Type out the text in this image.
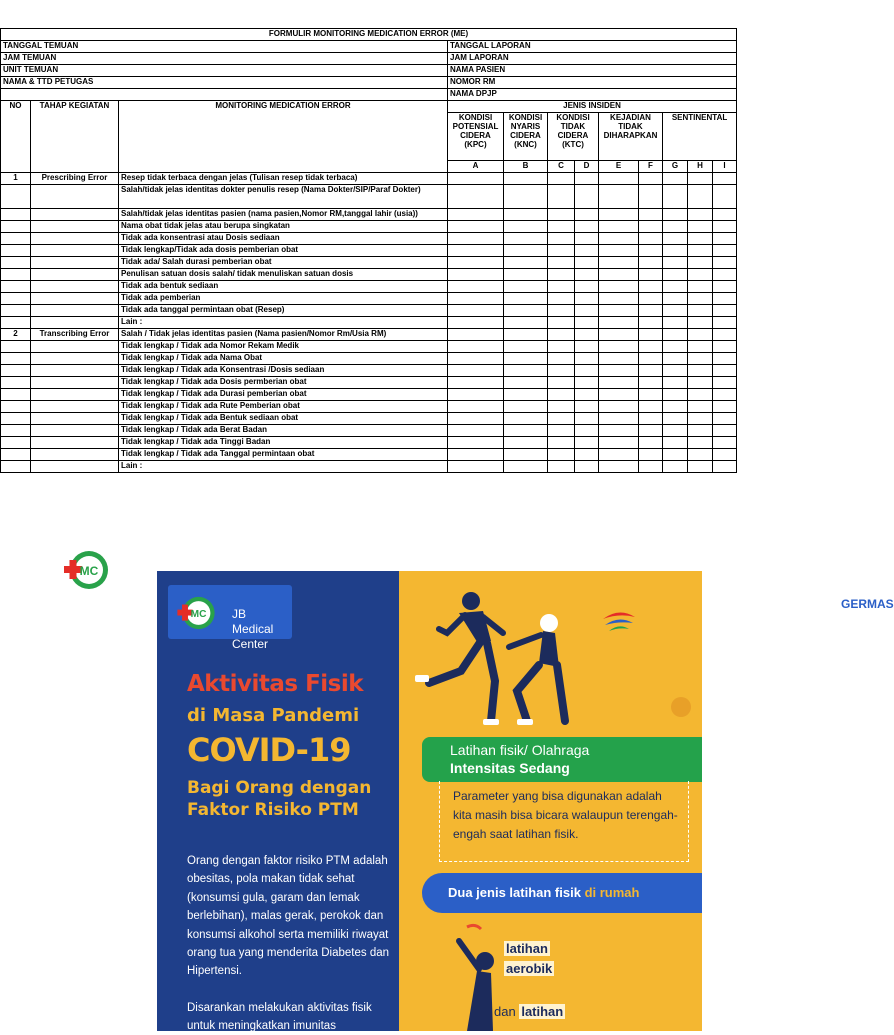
FORMULIR MONITORING MEDICATION ERROR (ME)											
TANGGAL TEMUAN			TANGGAL LAPORAN								
JAM TEMUAN			JAM LAPORAN								
UNIT TEMUAN			NAMA PASIEN								
NAMA & TTD PETUGAS			NOMOR RM								
			NAMA DPJP								
NO	TAHAP KEGIATAN	MONITORING MEDICATION ERROR	JENIS INSIDEN								
			KONDISI POTENSIAL CIDERA (KPC)	KONDISI NYARIS CIDERA (KNC)	KONDISI TIDAK CIDERA (KTC)		KEJADIAN TIDAK DIHARAPKAN		SENTINENTAL		
			A	B	C	D	E	F	G	H	I
1	Prescribing Error	Resep tidak terbaca dengan jelas (Tulisan resep tidak terbaca)									
		Salah/tidak jelas identitas dokter penulis resep (Nama Dokter/SIP/Paraf Dokter)									
		Salah/tidak jelas identitas pasien (nama pasien,Nomor RM,tanggal lahir (usia))									
		Nama obat tidak jelas atau berupa singkatan									
		Tidak ada konsentrasi atau Dosis sediaan									
		Tidak lengkap/Tidak ada dosis pemberian obat									
		Tidak ada/ Salah durasi pemberian obat									
		Penulisan satuan dosis salah/ tidak menuliskan satuan dosis									
		Tidak ada bentuk sediaan									
		Tidak ada pemberian									
		Tidak ada tanggal permintaan obat (Resep)									
		Lain :									
2	Transcribing Error	Salah / Tidak jelas identitas pasien (Nama pasien/Nomor Rm/Usia RM)									
		Tidak lengkap / Tidak ada Nomor Rekam Medik									
		Tidak lengkap / Tidak ada Nama Obat									
		Tidak lengkap / Tidak ada Konsentrasi /Dosis sediaan									
		Tidak lengkap / Tidak ada Dosis permberian obat									
		Tidak lengkap / Tidak ada Durasi pemberian obat									
		Tidak lengkap / Tidak ada Rute Pemberian obat									
		Tidak lengkap / Tidak ada Bentuk sediaan obat									
		Tidak lengkap / Tidak ada Berat Badan									
		Tidak lengkap / Tidak ada Tinggi Badan									
		Tidak lengkap / Tidak ada Tanggal permintaan obat									
		Lain :									
MC
MC JB Medical Center
Aktivitas Fisik
di Masa Pandemi
COVID-19
Bagi Orang dengan Faktor Risiko PTM
Orang dengan faktor risiko PTM adalah obesitas, pola makan tidak sehat (konsumsi gula, garam dan lemak berlebihan), malas gerak, perokok dan konsumsi alkohol serta memiliki riwayat orang tua yang menderita Diabetes dan Hipertensi.
Disarankan melakukan aktivitas fisik untuk meningkatkan imunitas
GERMAS
Latihan fisik/ Olahraga
Intensitas Sedang
Parameter yang bisa digunakan adalah kita masih bisa bicara walaupun terengah-engah saat latihan fisik.
Dua jenis latihan fisik di rumah
latihan
aerobik
dan latihan
